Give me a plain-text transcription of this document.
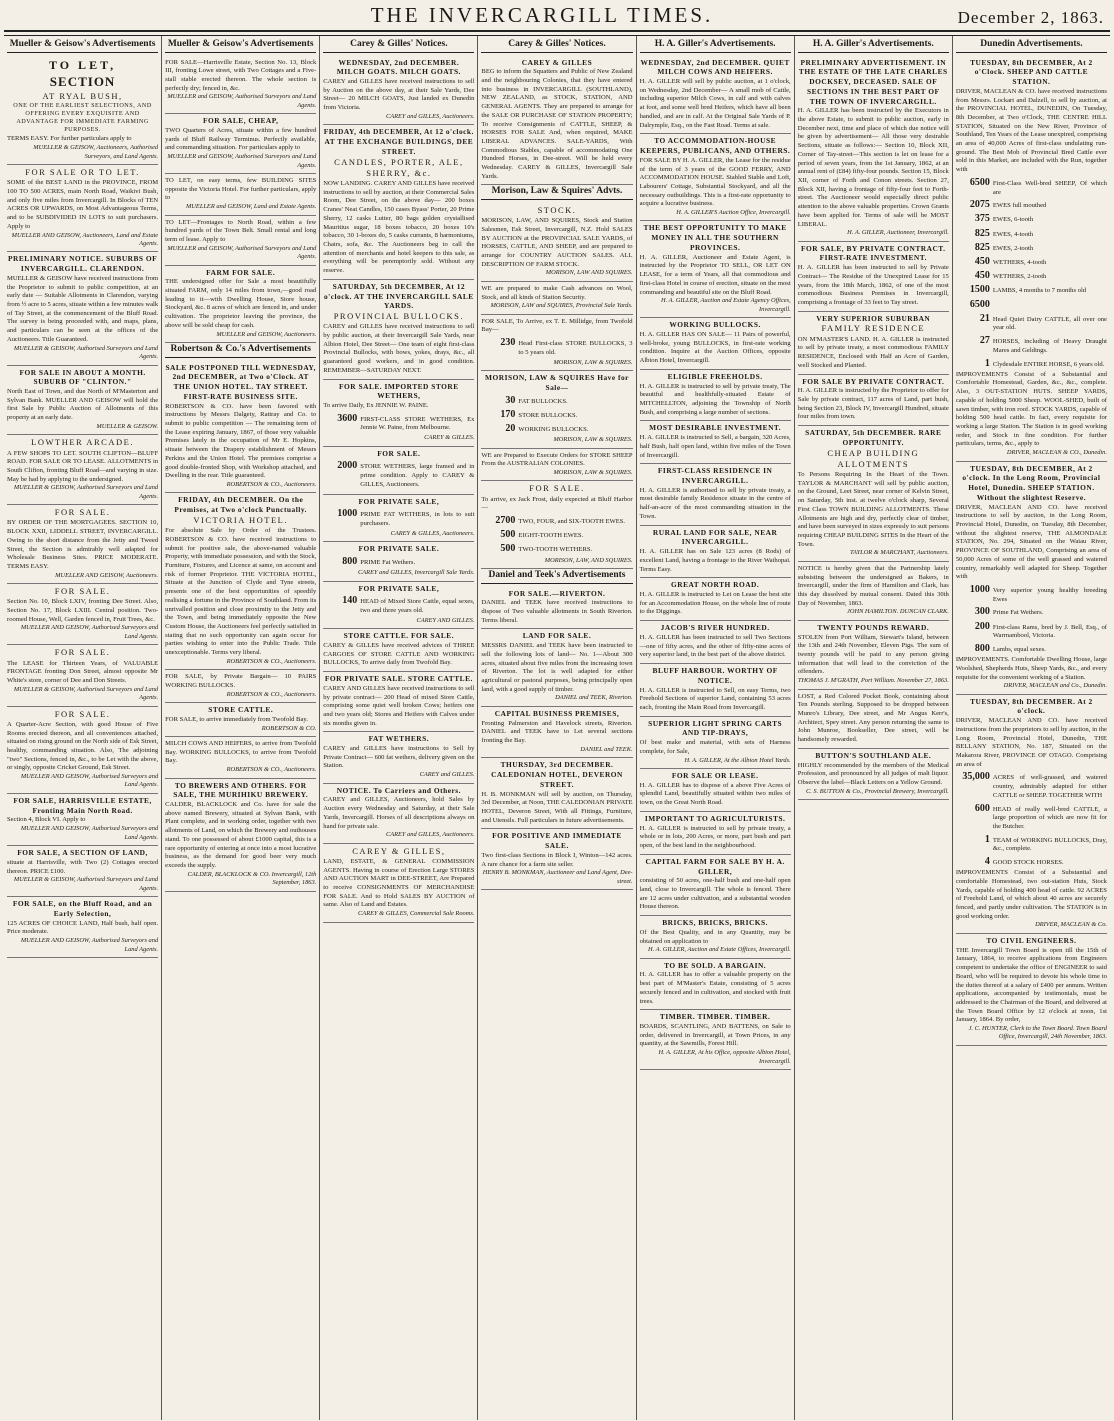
THE INVERCARGILL TIMES.	December 2, 1863.
Mueller & Geisow's Advertisements
TO LET,
SECTION
AT RYAL BUSH,
ONE OF THE EARLIEST SELECTIONS, AND OFFERING EVERY EXQUISITE AND ADVANTAGE FOR IMMEDIATE FARMING PURPOSES.
TERMS EASY. For further particulars apply to
MUELLER & GEISOW, Auctioneers, Authorised Surveyors, and Land Agents.
FOR SALE OR TO LET.
SOME of the BEST LAND in the PROVINCE, FROM 100 TO 500 ACRES, main North Road, Waikivi Bush, and only five miles from Invercargill. In Blocks of TEN ACRES OR UPWARDS, on Most Advantageous Terms, and to be SUBDIVIDED IN LOTS to suit purchasers. Apply to
MUELLER AND GEISOW, Auctioneers, Land and Estate Agents.
PRELIMINARY NOTICE. SUBURBS OF INVERCARGILL. CLARENDON.
MUELLER & GEISOW have received instructions from the Proprietor to submit to public competition, at an early date — Suitable Allotments in Clarendon, varying from ½ acre to 5 acres, situate within a few minutes walk of Tay Street, at the commencement of the Bluff Road. The survey is being proceeded with, and maps, plans, and particulars can be seen at the offices of the Auctioneers. Title Guaranteed.
MUELLER & GEISOW, Authorised Surveyors and Land Agents.
FOR SALE IN ABOUT A MONTH. SUBURB OF "CLINTON."
North East of Town, and due North of M'Masterton and Sylvan Bank. MUELLER AND GEISOW will hold the first Sale by Public Auction of Allotments of this property at an early date.
MUELLER & GEISOW.
LOWTHER ARCADE.
A FEW SHOPS TO LET. SOUTH CLIFTON—BLUFF ROAD. FOR SALE OR TO LEASE. ALLOTMENTS in South Clifton, fronting Bluff Road—and varying in size. May be had by applying to the undersigned.
MUELLER & GEISOW, Authorised Surveyors and Land Agents.
FOR SALE.
BY ORDER OF THE MORTGAGEES. SECTION 10, BLOCK XXII, LIDDELL STREET, INVERCARGILL. Owing to the short distance from the Jetty and Tweed Street, the Section is admirably well adapted for Wholesale Business Sites. PRICE MODERATE. TERMS EASY.
MUELLER AND GEISOW, Auctioneers.
FOR SALE.
Section No. 10, Block LXIV, fronting Dee Street. Also, Section No. 17, Block LXIII. Central position. Two-roomed House, Well, Garden fenced in, Fruit Trees, &c.
MUELLER AND GEISOW, Authorised Surveyors and Land Agents.
FOR SALE.
The LEASE for Thirteen Years, of VALUABLE FRONTAGE fronting Don Street, almost opposite Mr White's store, corner of Dee and Don Streets.
MUELLER & GEISOW, Authorised Surveyors and Land Agents.
FOR SALE.
A Quarter-Acre Section, with good House of Five Rooms erected thereon, and all conveniences attached, situated on rising ground on the North side of Esk Street, healthy, commanding situation. Also, The adjoining "two" Sections, fenced in, &c., to be Let with the above, or singly, opposite Cricket Ground, Esk Street.
MUELLER AND GEISOW, Authorised Surveyors and Land Agents.
FOR SALE, HARRISVILLE ESTATE, Fronting Main North Road.
Section 4, Block VI. Apply to
MUELLER AND GEISOW, Authorised Surveyors and Land Agents.
FOR SALE, A SECTION OF LAND,
situate at Harrisville, with Two (2) Cottages erected thereon. PRICE £100.
MUELLER & GEISOW, Authorised Surveyors and Land Agents.
FOR SALE, on the Bluff Road, and an Early Selection,
125 ACRES OF CHOICE LAND, Half bush, half open. Price moderate.
MUELLER AND GEISOW, Authorised Surveyors and Land Agents.
Mueller & Geisow's Advertisements
FOR SALE—Harrisville Estate, Section No. 13, Block III, fronting Lowe street, with Two Cottages and a Five-stall stable erected thereon. The whole section is perfectly dry; fenced in, &c.
MUELLER and GEISOW, Authorised Surveyors and Land Agents.
FOR SALE, CHEAP,
TWO Quarters of Acres, situate within a few hundred yards of Bluff Railway Terminus. Perfectly available, and commanding situation. For particulars apply to
MUELLER and GEISOW, Authorised Surveyors and Land Agents.
TO LET, on easy terms, few BUILDING SITES opposite the Victoria Hotel. For further particulars, apply to
MUELLER and GEISOW, Land and Estate Agents.
TO LET—Frontages to North Road, within a few hundred yards of the Town Belt. Small rental and long term of lease. Apply to
MUELLER and GEISOW, Authorised Surveyors and Land Agents.
FARM FOR SALE.
THE undersigned offer for Sale a most beautifully situated FARM, only 14 miles from town,—good road leading to it—with Dwelling House, Store house, Stockyard, &c. 8 acres of which are fenced in, and under cultivation. The proprietor leaving the province, the above will be sold cheap for cash.
MUELLER and GEISOW, Auctioneers.
Robertson & Co.'s Advertisements
SALE POSTPONED TILL WEDNESDAY, 2nd DECEMBER, at Two o'Clock. AT THE UNION HOTEL. TAY STREET. FIRST-RATE BUSINESS SITE.
ROBERTSON & CO. have been favored with instructions by Messrs Dalgety, Rattray and Co. to submit to public competition — The remaining term of the Lease expiring January, 1867, of those very valuable Premises lately in the occupation of Mr E. Hopkins, situate between the Drapery establishment of Messrs Perkins and the Union Hotel. The premises comprise a good double-fronted Shop, with Workshop attached, and Dwelling in the rear. Title guaranteed.
ROBERTSON & CO., Auctioneers.
FRIDAY, 4th DECEMBER. On the Premises, at Two o'clock Punctually.
VICTORIA HOTEL.
For absolute Sale by Order of the Trustees. ROBERTSON & CO. have received instructions to submit for positive sale, the above-named valuable Property, with immediate possession, and with the Stock, Furniture, Fixtures, and Licence at same, on account and risk of former Proprietor. THE VICTORIA HOTEL, Situate at the Junction of Clyde and Tyne streets, presents one of the best opportunities of speedily realising a fortune in the Province of Southland. From its unrivalled position and close proximity to the Jetty and the Town, and being immediately opposite the New Custom House, the Auctioneers feel perfectly satisfied in stating that no such opportunity can again occur for parties wishing to enter into the Public Trade. Title unexceptionable. Terms very liberal.
ROBERTSON & CO., Auctioneers.
FOR SALE, by Private Bargain— 10 PAIRS WORKING BULLOCKS.
ROBERTSON & CO., Auctioneers.
STORE CATTLE.
FOR SALE, to arrive immediately from Twofold Bay.
ROBERTSON & CO.
MILCH COWS AND HEIFERS, to arrive from Twofold Bay. WORKING BULLOCKS, to arrive from Twofold Bay.
ROBERTSON & CO., Auctioneers.
TO BREWERS AND OTHERS. FOR SALE, THE MURIHIKU BREWERY.
CALDER, BLACKLOCK and Co. have for sale the above named Brewery, situated at Sylvan Bank, with Plant complete, and in working order, together with two allotments of Land, on which the Brewery and outhouses stand. To one possessed of about £1000 capital, this is a rare opportunity of entering at once into a most lucrative business, as the demand for good beer very much exceeds the supply.
CALDER, BLACKLOCK & CO. Invercargill, 12th September, 1863.
Carey & Gilles' Notices.
WEDNESDAY, 2nd DECEMBER. MILCH GOATS. MILCH GOATS.
CAREY and GILLES have received instructions to sell by Auction on the above day, at their Sale Yards, Dee Street— 20 MILCH GOATS, Just landed ex Dunedin from Victoria.
CAREY and GILLES, Auctioneers.
FRIDAY, 4th DECEMBER, At 12 o'clock. AT THE EXCHANGE BUILDINGS, DEE STREET.
CANDLES, PORTER, ALE, SHERRY, &c.
NOW LANDING. CAREY AND GILLES have received instructions to sell by auction, at their Commercial Sales Room, Dee Street, on the above day— 200 boxes Cranes' Neat Candles, 150 cases Byass' Porter, 20 Prime Sherry, 12 casks Lutter, 80 bags golden crystallised Mauritius sugar, 18 boxes tobacco, 20 boxes 10's tobacco, 30 1-boxes do, 5 casks currants, 8 harmoniums, Chairs, sofa, &c. The Auctioneers beg to call the attention of merchants and hotel keepers to this sale, as everything will be peremptorily sold. Without any reserve.
SATURDAY, 5th DECEMBER, At 12 o'clock. AT THE INVERCARGILL SALE YARDS.
PROVINCIAL BULLOCKS.
CAREY and GILLES have received instructions to sell by public auction, at their Invercargill Sale Yards, near Albion Hotel, Dee Street— One team of eight first-class Provincial Bullocks, with bows, yokes, drays, &c., all guaranteed good workers, and in good condition. REMEMBER—SATURDAY NEXT.
FOR SALE. IMPORTED STORE WETHERS,
To arrive Daily, Ex JENNIE W. PAINE.
3600 FIRST-CLASS STORE WETHERS, Ex Jennie W. Paine, from Melbourne.
CAREY & GILLES.
FOR SALE.
2000 STORE WETHERS, large framed and in prime condition. Apply to CAREY & GILLES, Auctioneers.
FOR PRIVATE SALE,
1000 PRIME FAT WETHERS, in lots to suit purchasers.
CAREY & GILLES, Auctioneers.
FOR PRIVATE SALE.
800 PRIME Fat Wethers.
CAREY and GILLES, Invercargill Sale Yards.
FOR PRIVATE SALE,
140 HEAD of Mixed Store Cattle, equal sexes, two and three years old.
CAREY AND GILLES.
STORE CATTLE. FOR SALE.
CAREY & GILLES have received advices of THREE CARGOES OF STORE CATTLE AND WORKING BULLOCKS, To arrive daily from Twofold Bay.
FOR PRIVATE SALE. STORE CATTLE.
CAREY AND GILLES have received instructions to sell by private contract— 200 Head of mixed Store Cattle, comprising some quiet well broken Cows; heifers one and two years old; Stores and Heifers with Calves under six months given in.
FAT WETHERS.
CAREY and GILLES have instructions to Sell by Private Contract— 600 fat wethers, delivery given on the Station.
CAREY and GILLES.
NOTICE. To Carriers and Others.
CAREY and GILLES, Auctioneers, hold Sales by Auction every Wednesday and Saturday, at their Sale Yards, Invercargill. Horses of all descriptions always on hand for private sale.
CAREY and GILLES, Auctioneers.
CAREY & GILLES,
LAND, ESTATE, & GENERAL COMMISSION AGENTS. Having in course of Erection Large STORES AND AUCTION MART in DEE-STREET, Are Prepared to receive CONSIGNMENTS OF MERCHANDISE FOR SALE. And to Hold SALES BY AUCTION of same. Also of Land and Estates.
CAREY & GILLES, Commercial Sale Rooms.
Carey & Gilles' Notices.
CAREY & GILLES
BEG to inform the Squatters and Public of New Zealand and the neighbouring Colonies, that they have entered into business in INVERCARGILL (SOUTHLAND), NEW ZEALAND, as STOCK, STATION, AND GENERAL AGENTS. They are prepared to arrange for the SALE OR PURCHASE OF STATION PROPERTY; To receive Consignments of CATTLE, SHEEP, & HORSES FOR SALE And, when required, MAKE LIBERAL ADVANCES. SALE-YARDS, With Commodious Stables, capable of accommodating One Hundred Horses, in Dee-street. Will be held every Wednesday. CAREY & GILLES, Invercargill Sale Yards.
Morison, Law & Squires' Advts.
STOCK.
MORISON, LAW, AND SQUIRES, Stock and Station Salesmen, Esk Street, Invercargill, N.Z. Hold SALES BY AUCTION at the PROVINCIAL SALE YARDS, of HORSES, CATTLE, AND SHEEP, and are prepared to arrange for COUNTRY AUCTION SALES. ALL DESCRIPTION OF FARM STOCK.
MORISON, LAW AND SQUIRES.
WE are prepared to make Cash advances on Wool, Stock, and all kinds of Station Security.
MORISON, LAW and SQUIRES, Provincial Sale Yards.
FOR SALE, To Arrive, ex T. E. Millidge, from Twofold Bay—
230 Head First-class STORE BULLOCKS, 3 to 5 years old.
MORISON, LAW & SQUIRES.
MORISON, LAW & SQUIRES Have for Sale—
30 FAT BULLOCKS.
170 STORE BULLOCKS.
20 WORKING BULLOCKS.
MORISON, LAW & SQUIRES.
WE are Prepared to Execute Orders for STORE SHEEP From the AUSTRALIAN COLONIES.
MORISON, LAW & SQUIRES.
FOR SALE.
To arrive, ex Jack Frost, daily expected at Bluff Harbor—
2700 TWO, FOUR, and SIX-TOOTH EWES.
500 EIGHT-TOOTH EWES.
500 TWO-TOOTH WETHERS.
MORISON, LAW, AND SQUIRES.
Daniel and Teek's Advertisements
FOR SALE.—RIVERTON.
DANIEL and TEEK have received instructions to dispose of Two valuable allotments in South Riverton. Terms liberal.
LAND FOR SALE.
MESSRS DANIEL and TEEK have been instructed to sell the following lots of land— No. 1—About 300 acres, situated about five miles from the increasing town of Riverton. The lot is well adapted for either agricultural or pastoral purposes, being principally open land, with a good supply of timber.
DANIEL and TEEK, Riverton.
CAPITAL BUSINESS PREMISES,
Fronting Palmerston and Havelock streets, Riverton. DANIEL and TEEK have to Let several sections fronting the Bay.
DANIEL and TEEK.
THURSDAY, 3rd DECEMBER. CALEDONIAN HOTEL, DEVERON STREET.
H. B. MONKMAN will sell by auction, on Thursday, 3rd December, at Noon, THE CALEDONIAN PRIVATE HOTEL, Deveron Street, With all Fittings, Furniture, and Utensils. Full particulars in future advertisements.
FOR POSITIVE AND IMMEDIATE SALE.
Two first-class Sections in Block I, Winton—142 acres. A rare chance for a farm site seller.
HENRY B. MONKMAN, Auctioneer and Land Agent, Dee-street.
H. A. Giller's Advertisements.
WEDNESDAY, 2nd DECEMBER. QUIET MILCH COWS AND HEIFERS.
H. A. GILLER will sell by public auction, at 1 o'clock, on Wednesday, 2nd December— A small mob of Cattle, including superior Milch Cows, in calf and with calves at foot, and some well bred Heifers, which have all been handled, and are in calf. At the Original Sale Yards of P. Dalrymple, Esq., on the Fast Road. Terms at sale.
TO ACCOMMODATION-HOUSE KEEPERS, PUBLICANS, AND OTHERS.
FOR SALE BY H. A. GILLER, the Lease for the residue of the term of 3 years of the GOOD FERRY, AND ACCOMMODATION HOUSE. Stabled Stable and Loft, Labourers' Cottage, Substantial Stockyard, and all the necessary outbuildings. This is a first-rate opportunity to acquire a lucrative business.
H. A. GILLER'S Auction Office, Invercargill.
THE BEST OPPORTUNITY TO MAKE MONEY IN ALL THE SOUTHERN PROVINCES.
H. A. GILLER, Auctioneer and Estate Agent, is instructed by the Proprietor TO SELL, OR LET ON LEASE, for a term of Years, all that commodious and first-class Hotel in course of erection, situate on the most commanding and beautiful site on the Bluff Road.
H. A. GILLER, Auction and Estate Agency Offices, Invercargill.
WORKING BULLOCKS.
H. A. GILLER HAS ON SALE— 11 Pairs of powerful, well-broke, young BULLOCKS, in first-rate working condition. Inquire at the Auction Offices, opposite Albion Hotel, Invercargill.
ELIGIBLE FREEHOLDS.
H. A. GILLER is instructed to sell by private treaty, The beautiful and healthfully-situated Estate of MITCHELLTON, adjoining the Township of North Bush, and comprising a large number of sections.
MOST DESIRABLE INVESTMENT.
H. A. GILLER is instructed to Sell, a bargain, 320 Acres, half Bush, half open land, within five miles of the Town of Invercargill.
FIRST-CLASS RESIDENCE IN INVERCARGILL.
H. A. GILLER is authorised to sell by private treaty, a most desirable family Residence situate in the centre of half-an-acre of the most commanding situation in the Town.
RURAL LAND FOR SALE, NEAR INVERCARGILL.
H. A. GILLER has on Sale 123 acres (8 Rods) of excellent Land, having a frontage to the River Waihopai. Terms Easy.
GREAT NORTH ROAD.
H. A. GILLER is instructed to Let on Lease the best site for an Accommodation House, on the whole line of route to the Diggings.
JACOB'S RIVER HUNDRED.
H. A. GILLER has been instructed to sell Two Sections—one of fifty acres, and the other of fifty-nine acres of very superior land, in the best part of the above district.
BLUFF HARBOUR. WORTHY OF NOTICE.
H. A. GILLER is instructed to Sell, on easy Terms, two Freehold Sections of superior Land, containing 53 acres each, fronting the Main Road from Invercargill.
SUPERIOR LIGHT SPRING CARTS AND TIP-DRAYS,
Of best make and material, with sets of Harness complete, for Sale,
H. A. GILLER, At the Albion Hotel Yards.
FOR SALE OR LEASE.
H. A. GILLER has to dispose of a above Five Acres of splendid Land, beautifully situated within two miles of town, on the Great North Road.
IMPORTANT TO AGRICULTURISTS.
H. A. GILLER is instructed to sell by private treaty, a whole or in lots, 200 Acres, or more, part bush and part open, of the best land in the neighbourhood.
CAPITAL FARM FOR SALE BY H. A. GILLER,
consisting of 50 acres, one-half bush and one-half open land, close to Invercargill. The whole is fenced. There are 12 acres under cultivation, and a substantial wooden House thereon.
BRICKS, BRICKS, BRICKS.
Of the Best Quality, and in any Quantity, may be obtained on application to
H. A. GILLER, Auction and Estate Offices, Invercargill.
TO BE SOLD. A BARGAIN.
H. A. GILLER has to offer a valuable property on the best part of M'Master's Estate, consisting of 5 acres securely fenced and in cultivation, and stocked with fruit trees.
TIMBER. TIMBER. TIMBER.
BOARDS, SCANTLING, AND BATTENS, on Sale to order, delivered in Invercargill, at Town Prices, in any quantity, at the Sawmills, Forest Hill.
H. A. GILLER, At his Office, opposite Albion Hotel, Invercargill.
H. A. Giller's Advertisements.
PRELIMINARY ADVERTISEMENT. IN THE ESTATE OF THE LATE CHARLES DOCKSEY, DECEASED. SALE OF SECTIONS IN THE BEST PART OF THE TOWN OF INVERCARGILL.
H. A. GILLER has been instructed by the Executors in the above Estate, to submit to public auction, early in December next, time and place of which due notice will be given by advertisement— All those very desirable Sections, situate as follows:— Section 10, Block XII, Corner of Tay-street—This section is let on lease for a period of seven years, from the 1st January, 1862, at an annual rent of (£84) fifty-four pounds. Section 15, Block XII, corner of Forth and Conon streets. Section 27, Block XII, having a frontage of fifty-four feet to Forth-street. The Auctioneer would especially direct public attention to the above valuable properties. Crown Grants have been applied for. Terms of sale will be MOST LIBERAL.
H. A. GILLER, Auctioneer, Invercargill.
FOR SALE, BY PRIVATE CONTRACT. FIRST-RATE INVESTMENT.
H. A. GILLER has been instructed to sell by Private Contract— The Residue of the Unexpired Lease for 15 years, from the 18th March, 1862, of one of the most commodious Business Premises in Invercargill, comprising a frontage of 33 feet to Tay street.
VERY SUPERIOR SUBURBAN
FAMILY RESIDENCE
ON M'MASTER'S LAND. H. A. GILLER is instructed to sell by private treaty, a most commodious FAMILY RESIDENCE, Enclosed with Half an Acre of Garden, well Stocked and Planted.
FOR SALE BY PRIVATE CONTRACT.
H. A. GILLER is instructed by the Proprietor to offer for Sale by private contract, 117 acres of Land, part bush, being Section 23, Block IV, Invercargill Hundred, situate four miles from town.
SATURDAY, 5th DECEMBER. RARE OPPORTUNITY.
CHEAP BUILDING ALLOTMENTS
To Persons Requiring In the Heart of the Town. TAYLOR & MARCHANT will sell by public auction, on the Ground, Leet Street, near corner of Kelvin Street, on Saturday, 5th inst. at twelve o'clock sharp, Several First Class TOWN BUILDING ALLOTMENTS. These Allotments are high and dry, perfectly clear of timber, and have been surveyed in sizes expressly to suit persons requiring CHEAP BUILDING SITES In the Heart of the Town.
TAYLOR & MARCHANT, Auctioneers.
NOTICE is hereby given that the Partnership lately subsisting between the undersigned as Bakers, in Invercargill, under the firm of Hamilton and Clark, has this day dissolved by mutual consent. Dated this 30th Day of November, 1863.
JOHN HAMILTON. DUNCAN CLARK.
TWENTY POUNDS REWARD.
STOLEN from Port William, Stewart's Island, between the 13th and 24th November, Eleven Pigs. The sum of twenty pounds will be paid to any person giving information that will lead to the conviction of the offenders.
THOMAS J. M'GRATH, Port William. November 27, 1863.
LOST, a Red Colored Pocket Book, containing about Ten Pounds sterling. Supposed to be dropped between Munro's Library, Dee street, and Mr Angus Kerr's, Architect, Spey street. Any person returning the same to John Munroe, Bookseller, Dee street, will be handsomely rewarded.
BUTTON'S SOUTHLAND ALE.
HIGHLY recommended by the members of the Medical Profession, and pronounced by all judges of malt liquor. Observe the label—Black Letters on a Yellow Ground.
C. S. BUTTON & Co., Provincial Brewery, Invercargill.
Dunedin Advertisements.
TUESDAY, 8th DECEMBER, At 2 o'Clock. SHEEP AND CATTLE STATION.
DRIVER, MACLEAN & CO. have received instructions from Messrs. Lockart and Dalzell, to sell by auction, at the PROVINCIAL HOTEL, DUNEDIN, On Tuesday, 8th December, at Two o'Clock, THE CENTRE HILL STATION, Situated on the New River, Province of Southland, Ten Years of the Lease unexpired, comprising an area of 40,000 Acres of first-class undulating run-ground. The Best Mob of Provincial Bred Cattle ever sold in this Market, are included with the Run, together with
6500 First-Class Well-bred SHEEP, Of which are
2075 EWES full mouthed
375 EWES, 6-tooth
825 EWES, 4-tooth
825 EWES, 2-tooth
450 WETHERS, 4-tooth
450 WETHERS, 2-tooth
1500 LAMBS, 4 months to 7 months old
6500
21 Head Quiet Dairy CATTLE, all over one year old.
27 HORSES, including of Heavy Draught Mares and Geldings.
1 Clydesdale ENTIRE HORSE, 6 years old.
IMPROVEMENTS Consist of a Substantial and Comfortable Homestead, Garden, &c., &c., complete. Also, 3 OUT-STATION HUTS. SHEEP YARDS, capable of holding 5000 Sheep. WOOL-SHED, built of sawn timber, with iron roof. STOCK YARDS, capable of holding 500 head cattle. In fact, every requisite for working a large Station. The Station is in good working order, and Stock in fine condition. For further particulars, terms, &c., apply to
DRIVER, MACLEAN & CO., Dunedin.
TUESDAY, 8th DECEMBER, At 2 o'clock. In the Long Room, Provincial Hotel, Dunedin. SHEEP STATION. Without the slightest Reserve.
DRIVER, MACLEAN AND CO. have received instructions to sell by auction, in the Long Room, Provincial Hotel, Dunedin, on Tuesday, 8th December, without the slightest reserve, THE ALMONDALE STATION, No. 294, Situated on the Waiau River, PROVINCE OF SOUTHLAND, Comprising an area of 50,000 Acres of some of the well grassed and watered country, remarkably well adapted for Sheep. Together with
1000 Very superior young healthy breeding Ewes
300 Prime Fat Wethers.
200 First-class Rams, bred by J. Bell, Esq., of Warrnambool, Victoria.
800 Lambs, equal sexes.
IMPROVEMENTS. Comfortable Dwelling House, large Woolshed, Shepherds Huts, Sheep Yards, &c., and every requisite for the convenient working of a Station.
DRIVER, MACLEAN and Co., Dunedin.
TUESDAY, 8th DECEMBER. At 2 o'clock.
DRIVER, MACLEAN AND CO. have received instructions from the proprietors to sell by auction, in the Long Room, Provincial Hotel, Dunedin, THE BELLANY STATION, No. 187, Situated on the Makarora River, PROVINCE OF OTAGO. Comprising an area of
35,000 ACRES of well-grassed, and watered country, admirably adapted for either CATTLE or SHEEP. TOGETHER WITH
600 HEAD of really well-bred CATTLE, a large proportion of which are now fit for the Butcher.
1 TEAM of WORKING BULLOCKS, Dray, &c., complete.
4 GOOD STOCK HORSES.
IMPROVEMENTS Consist of a Substantial and comfortable Homestead, two out-station Huts, Stock Yards, capable of holding 400 head of cattle. 92 ACRES of Freehold Land, of which about 40 acres are securely fenced, and partly under cultivation. The STATION is in good working order.
DRIVER, MACLEAN & Co.
TO CIVIL ENGINEERS.
THE Invercargill Town Board is open till the 15th of January, 1864, to receive applications from Engineers competent to undertake the office of ENGINEER to said Board, who will be required to devote his whole time to the duties thereof at a salary of £400 per annum. Written applications, accompanied by testimonials, must be addressed to the Chairman of the Board, and delivered at the Town Board Office by 12 o'clock at noon, 1st January, 1864. By order,
J. C. HUNTER, Clerk to the Town Board. Town Board Office, Invercargill, 24th November, 1863.
